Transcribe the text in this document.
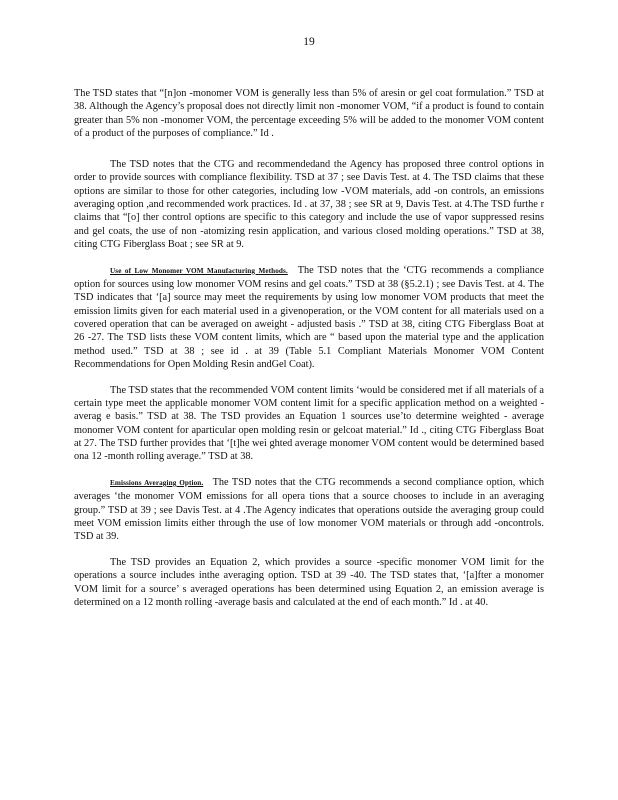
19

The TSD states that “[n]on -monomer VOM is generally less than 5% of aresin or gel coat formulation.” TSD at 38. Although the Agency’s proposal does not directly limit non -monomer VOM, “if a product is found to contain greater than 5% non -monomer VOM, the percentage exceeding 5% will be added to the monomer VOM content of a product of the purposes of compliance.” Id .

The TSD notes that the CTG and recommendedand the Agency has proposed three control options in order to provide sources with compliance flexibility. TSD at 37 ; see Davis Test. at 4. The TSD claims that these options are similar to those for other categories, including low -VOM materials, add -on controls, an emissions averaging option ,and recommended work practices. Id . at 37, 38 ; see SR at 9, Davis Test. at 4.The TSD furthe r claims that “[o] ther control options are specific to this category and include the use of vapor suppressed resins and gel coats, the use of non -atomizing resin application, and various closed molding operations.” TSD at 38, citing CTG Fiberglass Boat ; see SR at 9.

Use of Low Monomer VOM Manufacturing Methods. The TSD notes that the ‘CTG recommends a compliance option for sources using low monomer VOM resins and gel coats.” TSD at 38 (§5.2.1) ; see Davis Test. at 4. The TSD indicates that ‘[a] source may meet the requirements by using low monomer VOM products that meet the emission limits given for each material used in a givenoperation, or the VOM content for all materials used on a covered operation that can be averaged on aweight - adjusted basis .” TSD at 38, citing CTG Fiberglass Boat at 26 -27. The TSD lists these VOM content limits, which are “ based upon the material type and the application method used.” TSD at 38 ; see id . at 39 (Table 5.1 Compliant Materials Monomer VOM Content Recommendations for Open Molding Resin andGel Coat).

The TSD states that the recommended VOM content limits ‘would be considered met if all materials of a certain type meet the applicable monomer VOM content limit for a specific application method on a weighted -averag e basis.” TSD at 38. The TSD provides an Equation 1 sources use’to determine weighted - average monomer VOM content for aparticular open molding resin or gelcoat material.” Id ., citing CTG Fiberglass Boat at 27. The TSD further provides that ‘[t]he wei ghted average monomer VOM content would be determined based ona 12 -month rolling average.” TSD at 38.

Emissions Averaging Option. The TSD notes that the CTG recommends a second compliance option, which averages ‘the monomer VOM emissions for all opera tions that a source chooses to include in an averaging group.” TSD at 39 ; see Davis Test. at 4 .The Agency indicates that operations outside the averaging group could meet VOM emission limits either through the use of low monomer VOM materials or through add -oncontrols. TSD at 39.

The TSD provides an Equation 2, which provides a source -specific monomer VOM limit for the operations a source includes inthe averaging option. TSD at 39 -40. The TSD states that, ‘[a]fter a monomer VOM limit for a source’ s averaged operations has been determined using Equation 2, an emission average is determined on a 12 month rolling -average basis and calculated at the end of each month.” Id . at 40.
